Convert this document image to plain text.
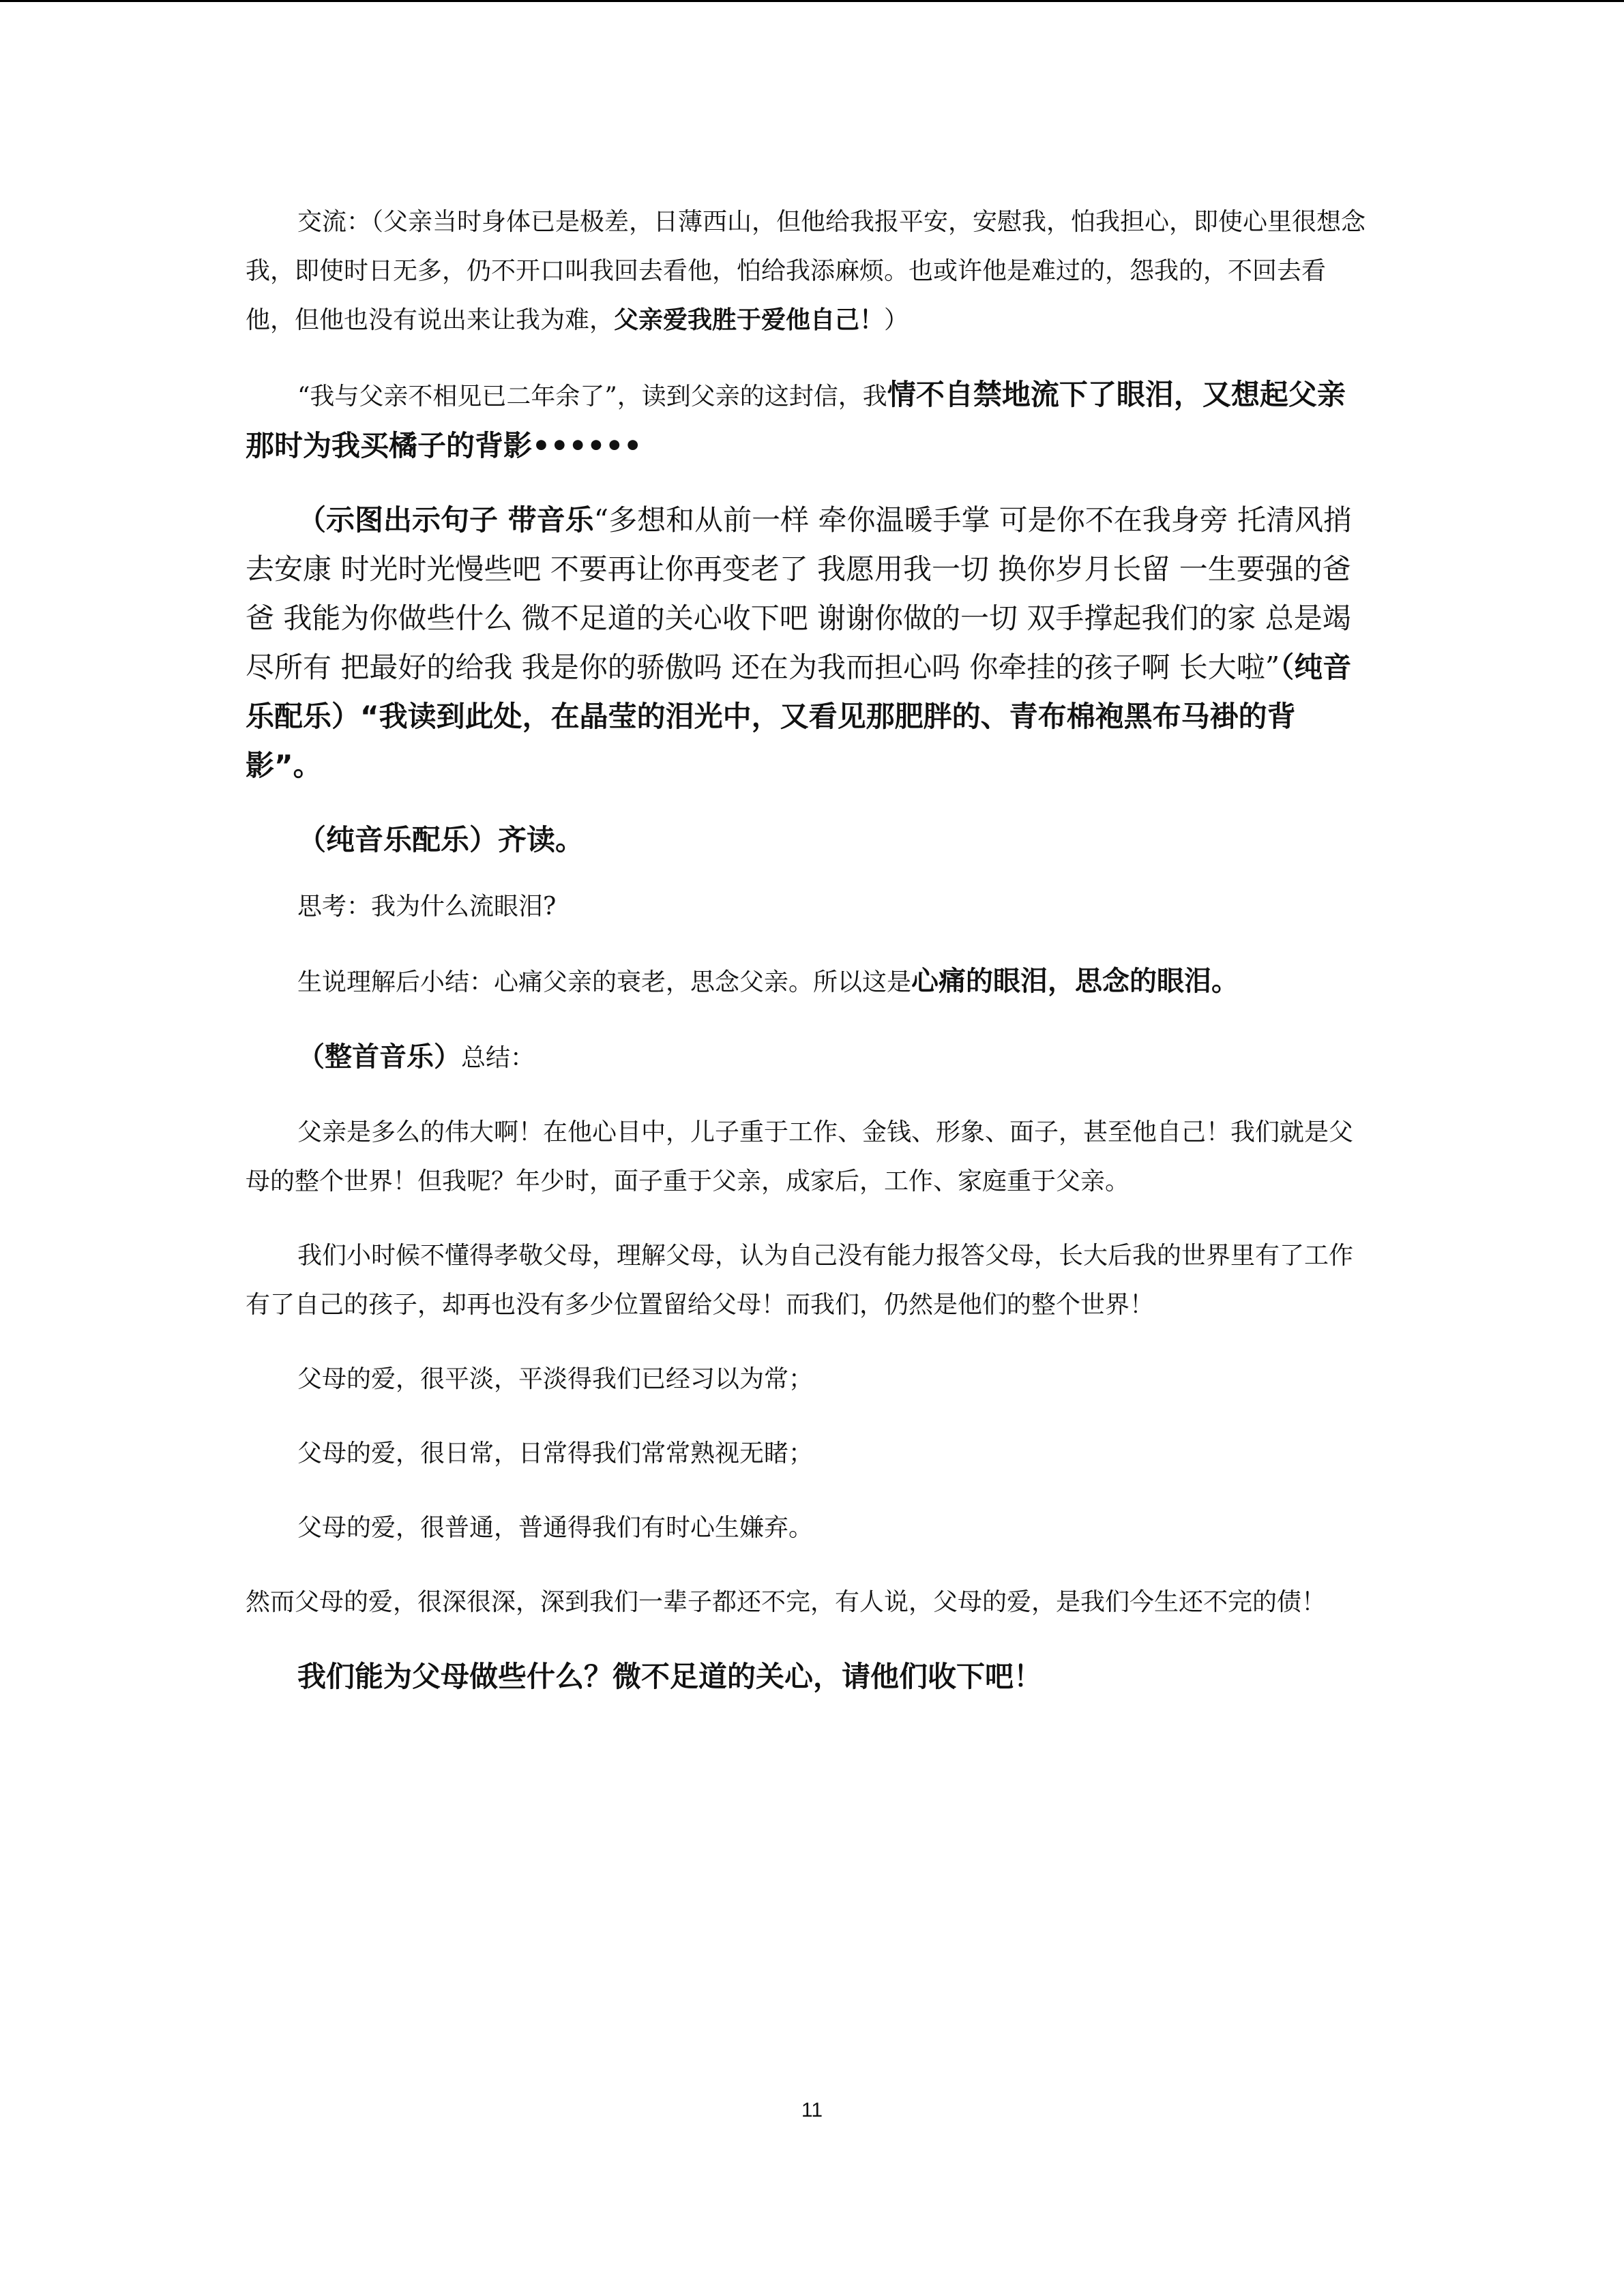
交流：（父亲当时身体已是极差，日薄西山，但他给我报平安，安慰我，怕我担心，即使心里很想念我，即使时日无多，仍不开口叫我回去看他，怕给我添麻烦。也或许他是难过的，怨我的，不回去看他，但他也没有说出来让我为难，父亲爱我胜于爱他自己！）

“我与父亲不相见已二年余了”，读到父亲的这封信，我情不自禁地流下了眼泪，又想起父亲那时为我买橘子的背影••••••

（示图出示句子 带音乐“多想和从前一样 牵你温暖手掌 可是你不在我身旁 托清风捎去安康 时光时光慢些吧 不要再让你再变老了 我愿用我一切 换你岁月长留 一生要强的爸爸 我能为你做些什么 微不足道的关心收下吧 谢谢你做的一切 双手撑起我们的家 总是竭尽所有 把最好的给我 我是你的骄傲吗 还在为我而担心吗 你牵挂的孩子啊 长大啦”（纯音乐配乐）“我读到此处，在晶莹的泪光中，又看见那肥胖的、青布棉袍黑布马褂的背影”。

（纯音乐配乐）齐读。

思考：我为什么流眼泪?

生说理解后小结：心痛父亲的衰老，思念父亲。所以这是心痛的眼泪，思念的眼泪。

（整首音乐）总结：

父亲是多么的伟大啊！在他心目中，儿子重于工作、金钱、形象、面子，甚至他自己！我们就是父母的整个世界！但我呢？年少时，面子重于父亲，成家后，工作、家庭重于父亲。

我们小时候不懂得孝敬父母，理解父母，认为自己没有能力报答父母，长大后我的世界里有了工作有了自己的孩子，却再也没有多少位置留给父母！而我们，仍然是他们的整个世界！

父母的爱，很平淡，平淡得我们已经习以为常；

父母的爱，很日常，日常得我们常常熟视无睹；

父母的爱，很普通，普通得我们有时心生嫌弃。

然而父母的爱，很深很深，深到我们一辈子都还不完，有人说，父母的爱，是我们今生还不完的债！

我们能为父母做些什么？微不足道的关心，请他们收下吧！

11
